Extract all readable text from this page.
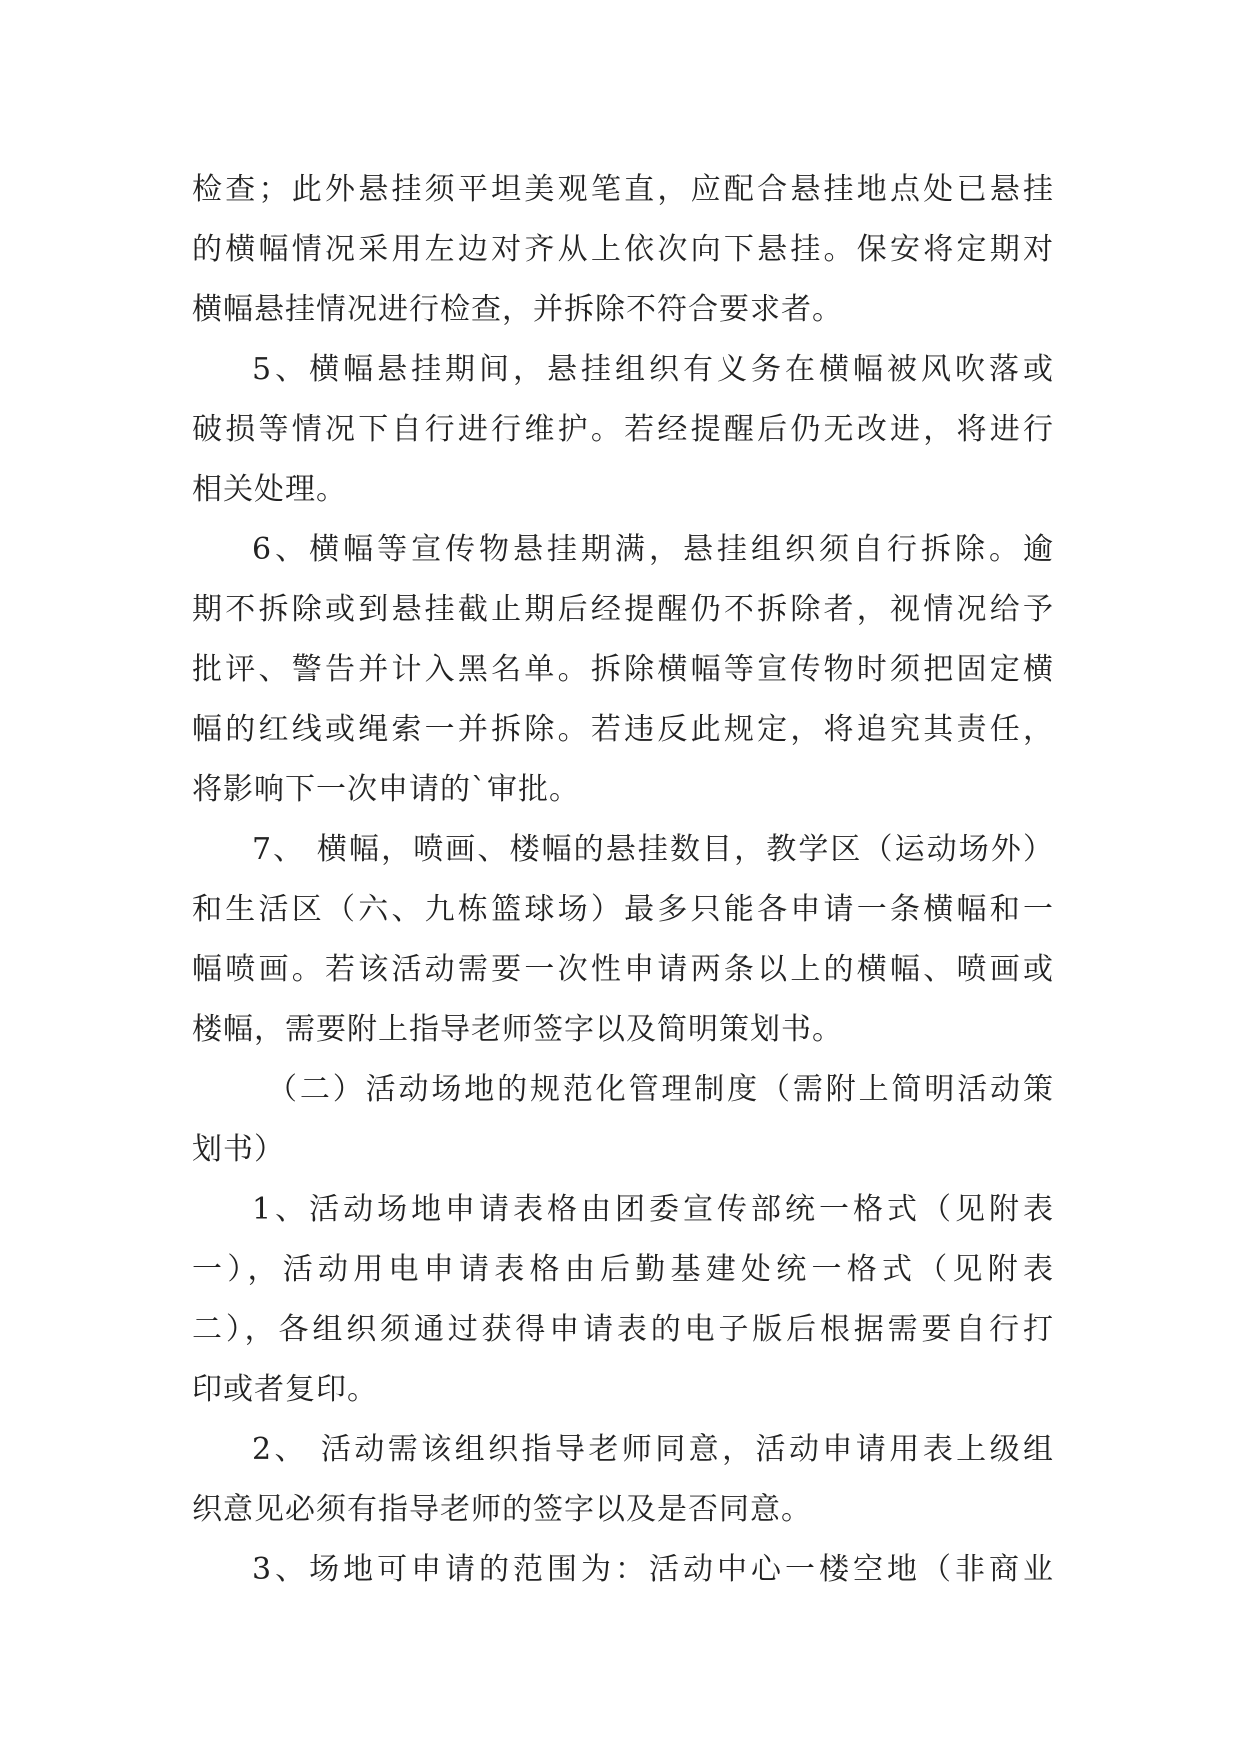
检查；此外悬挂须平坦美观笔直，应配合悬挂地点处已悬挂
的横幅情况采用左边对齐从上依次向下悬挂。保安将定期对
横幅悬挂情况进行检查，并拆除不符合要求者。
5、横幅悬挂期间，悬挂组织有义务在横幅被风吹落或
破损等情况下自行进行维护。若经提醒后仍无改进，将进行
相关处理。
6、横幅等宣传物悬挂期满，悬挂组织须自行拆除。逾
期不拆除或到悬挂截止期后经提醒仍不拆除者，视情况给予
批评、警告并计入黑名单。拆除横幅等宣传物时须把固定横
幅的红线或绳索一并拆除。若违反此规定，将追究其责任，
将影响下一次申请的`审批。
7、 横幅，喷画、楼幅的悬挂数目，教学区（运动场外）
和生活区（六、九栋篮球场）最多只能各申请一条横幅和一
幅喷画。若该活动需要一次性申请两条以上的横幅、喷画或
楼幅，需要附上指导老师签字以及简明策划书。
（二）活动场地的规范化管理制度（需附上简明活动策
划书）
1、活动场地申请表格由团委宣传部统一格式（见附表
一），活动用电申请表格由后勤基建处统一格式（见附表
二），各组织须通过获得申请表的电子版后根据需要自行打
印或者复印。
2、 活动需该组织指导老师同意，活动申请用表上级组
织意见必须有指导老师的签字以及是否同意。
3、场地可申请的范围为：活动中心一楼空地（非商业
